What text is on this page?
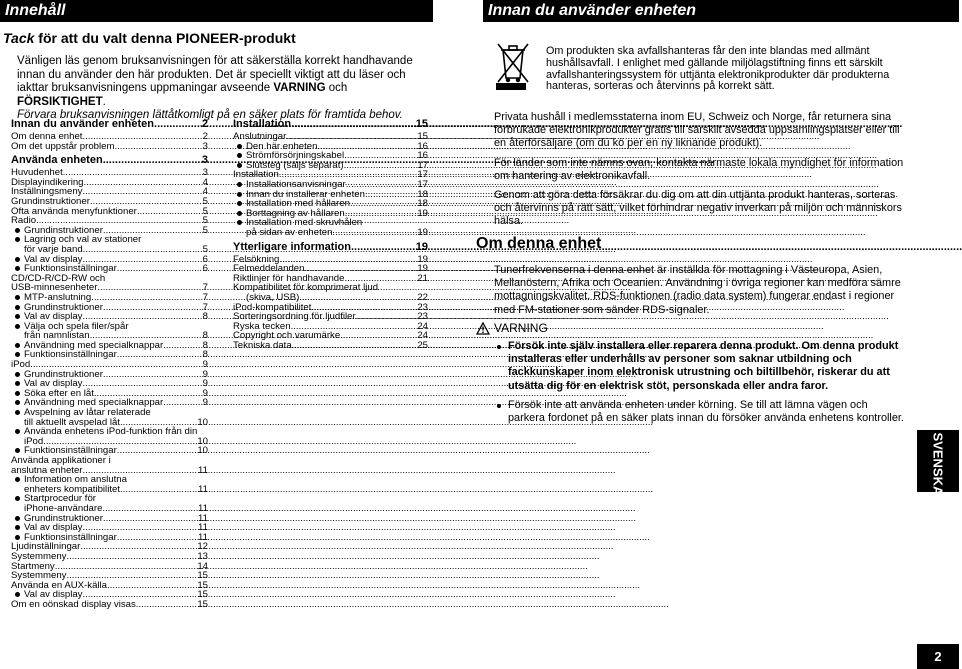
Innehåll	Innan du använder enheten
Tack för att du valt denna PIONEER-produkt
Vänligen läs genom bruksanvisningen för att säkerställa korrekt handhavande innan du använder den här produkten. Det är speciellt viktigt att du läser och iakttar bruksanvisningens uppmaningar avseende VARNING och FÖRSIKTIGHET.
Förvara bruksanvisningen lättåtkomligt på en säker plats för framtida behov.
Innan du använder enheten .....	2
Om denna enhet .....	2
Om det uppstår problem .....	3
Använda enheten .....	3
Huvudenhet .....	3
Displayindikering .....	4
Inställningsmeny .....	4
Grundinstruktioner .....	5
Ofta använda menyfunktioner .....	5
Radio .....	5
Grundinstruktioner .....	5
Lagring och val av stationer
för varje band .....	5
Val av display .....	6
Funktionsinställningar .....	6
CD/CD-R/CD-RW och
USB-minnesenheter .....	7
MTP-anslutning .....	7
Grundinstruktioner .....	7
Val av display .....	8
Välja och spela filer/spår
från namnlistan .....	8
Användning med specialknappar .....	8
Funktionsinställningar .....	8
iPod .....	9
Grundinstruktioner .....	9
Val av display .....	9
Söka efter en låt .....	9
Användning med specialknappar .....	9
Avspelning av låtar relaterade
till aktuellt avspelad låt .....	10
Använda enhetens iPod-funktion från din
iPod .....	10
Funktionsinställningar .....	10
Använda applikationer i
anslutna enheter .....	11
Information om anslutna
enheters kompatibilitet .....	11
Startprocedur för
iPhone-användare .....	11
Grundinstruktioner .....	11
Val av display .....	11
Funktionsinställningar .....	11
Ljudinställningar .....	12
Systemmeny .....	13
Startmeny .....	14
Systemmeny .....	15
Använda en AUX-källa .....	15
Val av display .....	15
Om en oönskad display visas .....	15
Installation .....	15
Anslutningar .....	15
Den här enheten .....	16
Strömförsörjningskabel .....	16
Slutsteg (säljs separat) .....	17
Installation .....	17
Installationsanvisningar .....	17
Innan du installerar enheten .....	18
Installation med hållaren .....	18
Borttagning av hållaren .....	19
Installation med skruvhålen
på sidan av enheten .....	19
Ytterligare information .....	19
Felsökning .....	19
Felmeddelanden .....	19
Riktlinjer för handhavande .....	21
Kompatibilitet för komprimerat ljud
(skiva, USB) .....	22
iPod-kompatibilitet .....	23
Sorteringsordning för ljudfiler .....	23
Ryska tecken .....	24
Copyright och varumärke .....	24
Tekniska data .....	25
Om produkten ska avfallshanteras får den inte blandas med allmänt hushållsavfall. I enlighet med gällande miljölagstiftning finns ett särskilt avfallshanteringssystem för uttjänta elektronikprodukter där produkterna hanteras, sorteras och återvinns på korrekt sätt.

Privata hushåll i medlemsstaterna inom EU, Schweiz och Norge, får returnera sina förbrukade elektronikprodukter gratis till särskilt avsedda uppsamlingsplatser eller till en återförsäljare (om du kö per en ny liknande produkt).

För länder som inte nämns ovan, kontakta närmaste lokala myndighet för information om hantering av elektronikavfall.

Genom att göra detta försäkrar du dig om att din uttjänta produkt hanteras, sorteras och återvinns på rätt sätt, vilket förhindrar negativ inverkan på miljön och människors hälsa.

Om denna enhet

Tunerfrekvenserna i denna enhet är inställda för mottagning i Västeuropa, Asien, Mellanöstern, Afrika och Oceanien. Användning i övriga regioner kan medföra sämre mottagningskvalitet. RDS-funktionen (radio data system) fungerar endast i regioner med FM-stationer som sänder RDS-signaler.

VARNING
Försök inte själv installera eller reparera denna produkt. Om denna produkt installeras eller underhålls av personer som saknar utbildning och fackkunskaper inom elektronisk utrustning och biltillbehör, riskerar du att utsätta dig för en elektrisk stöt, personskada eller andra faror.
Försök inte att använda enheten under körning. Se till att lämna vägen och parkera fordonet på en säker plats innan du försöker använda enhetens kontroller.
SVENSKA
2
